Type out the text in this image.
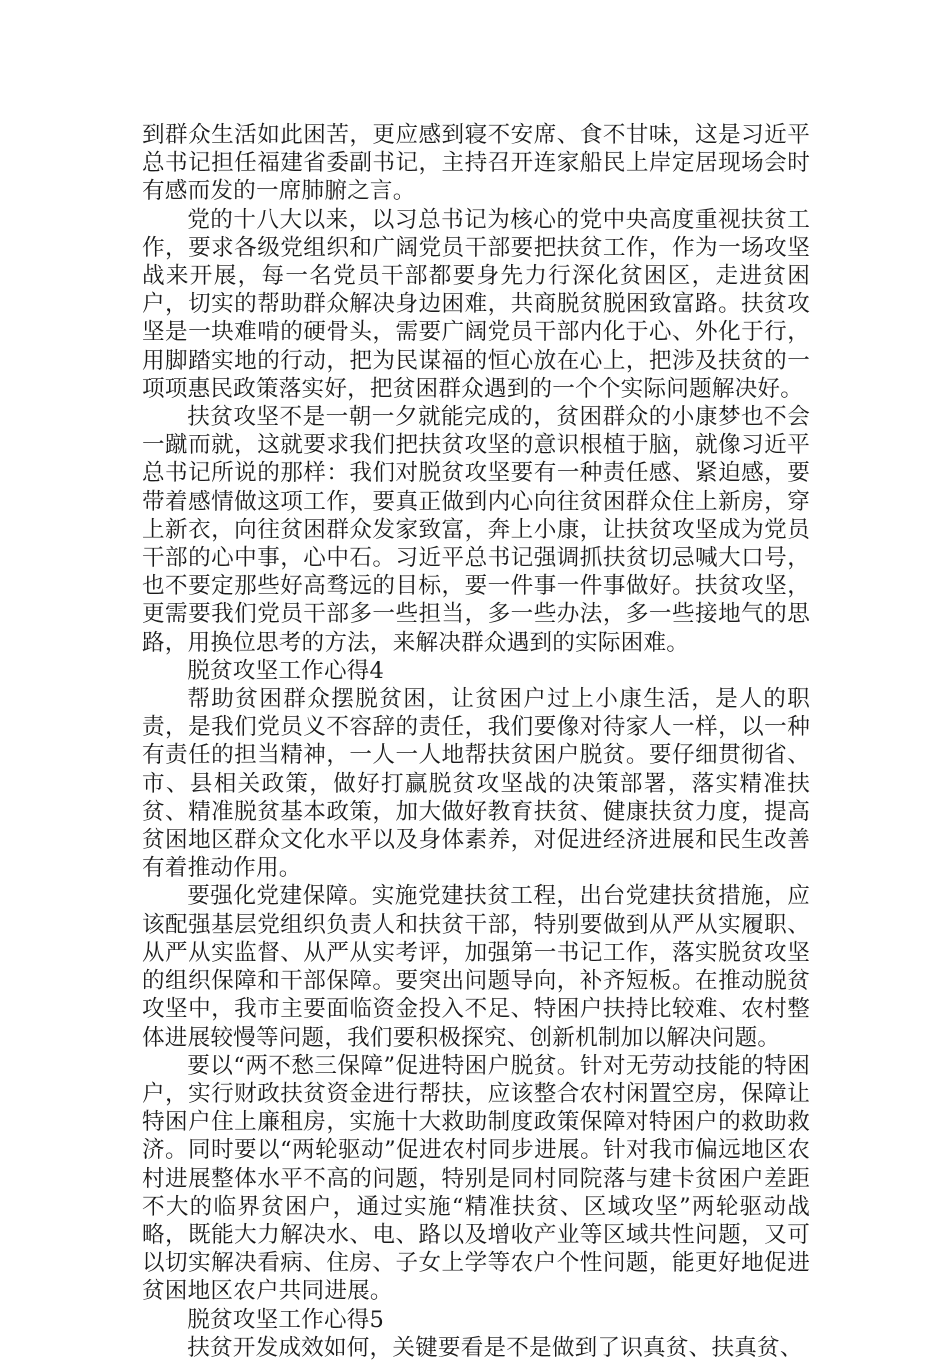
到群众生活如此困苦，更应感到寝不安席、食不甘味，这是习近平总书记担任福建省委副书记，主持召开连家船民上岸定居现场会时有感而发的一席肺腑之言。

党的十八大以来，以习总书记为核心的党中央高度重视扶贫工作，要求各级党组织和广阔党员干部要把扶贫工作，作为一场攻坚战来开展，每一名党员干部都要身先力行深化贫困区，走进贫困户，切实的帮助群众解决身边困难，共商脱贫脱困致富路。扶贫攻坚是一块难啃的硬骨头，需要广阔党员干部内化于心、外化于行，用脚踏实地的行动，把为民谋福的恒心放在心上，把涉及扶贫的一项项惠民政策落实好，把贫困群众遇到的一个个实际问题解决好。

扶贫攻坚不是一朝一夕就能完成的，贫困群众的小康梦也不会一蹴而就，这就要求我们把扶贫攻坚的意识根植于脑，就像习近平总书记所说的那样：我们对脱贫攻坚要有一种责任感、紧迫感，要带着感情做这项工作，要真正做到内心向往贫困群众住上新房，穿上新衣，向往贫困群众发家致富，奔上小康，让扶贫攻坚成为党员干部的心中事，心中石。习近平总书记强调抓扶贫切忌喊大口号，也不要定那些好高骛远的目标，要一件事一件事做好。扶贫攻坚，更需要我们党员干部多一些担当，多一些办法，多一些接地气的思路，用换位思考的方法，来解决群众遇到的实际困难。

脱贫攻坚工作心得4

帮助贫困群众摆脱贫困，让贫困户过上小康生活，是人的职责，是我们党员义不容辞的责任，我们要像对待家人一样，以一种有责任的担当精神，一人一人地帮扶贫困户脱贫。要仔细贯彻省、市、县相关政策，做好打赢脱贫攻坚战的决策部署，落实精准扶贫、精准脱贫基本政策，加大做好教育扶贫、健康扶贫力度，提高贫困地区群众文化水平以及身体素养，对促进经济进展和民生改善有着推动作用。

要强化党建保障。实施党建扶贫工程，出台党建扶贫措施，应该配强基层党组织负责人和扶贫干部，特别要做到从严从实履职、从严从实监督、从严从实考评，加强第一书记工作，落实脱贫攻坚的组织保障和干部保障。要突出问题导向，补齐短板。在推动脱贫攻坚中，我市主要面临资金投入不足、特困户扶持比较难、农村整体进展较慢等问题，我们要积极探究、创新机制加以解决问题。

要以“两不愁三保障”促进特困户脱贫。针对无劳动技能的特困户，实行财政扶贫资金进行帮扶，应该整合农村闲置空房，保障让特困户住上廉租房，实施十大救助制度政策保障对特困户的救助救济。同时要以“两轮驱动”促进农村同步进展。针对我市偏远地区农村进展整体水平不高的问题，特别是同村同院落与建卡贫困户差距不大的临界贫困户，通过实施“精准扶贫、区域攻坚”两轮驱动战略，既能大力解决水、电、路以及增收产业等区域共性问题，又可以切实解决看病、住房、子女上学等农户个性问题，能更好地促进贫困地区农户共同进展。

脱贫攻坚工作心得5

扶贫开发成效如何，关键要看是不是做到了识真贫、扶真贫、
